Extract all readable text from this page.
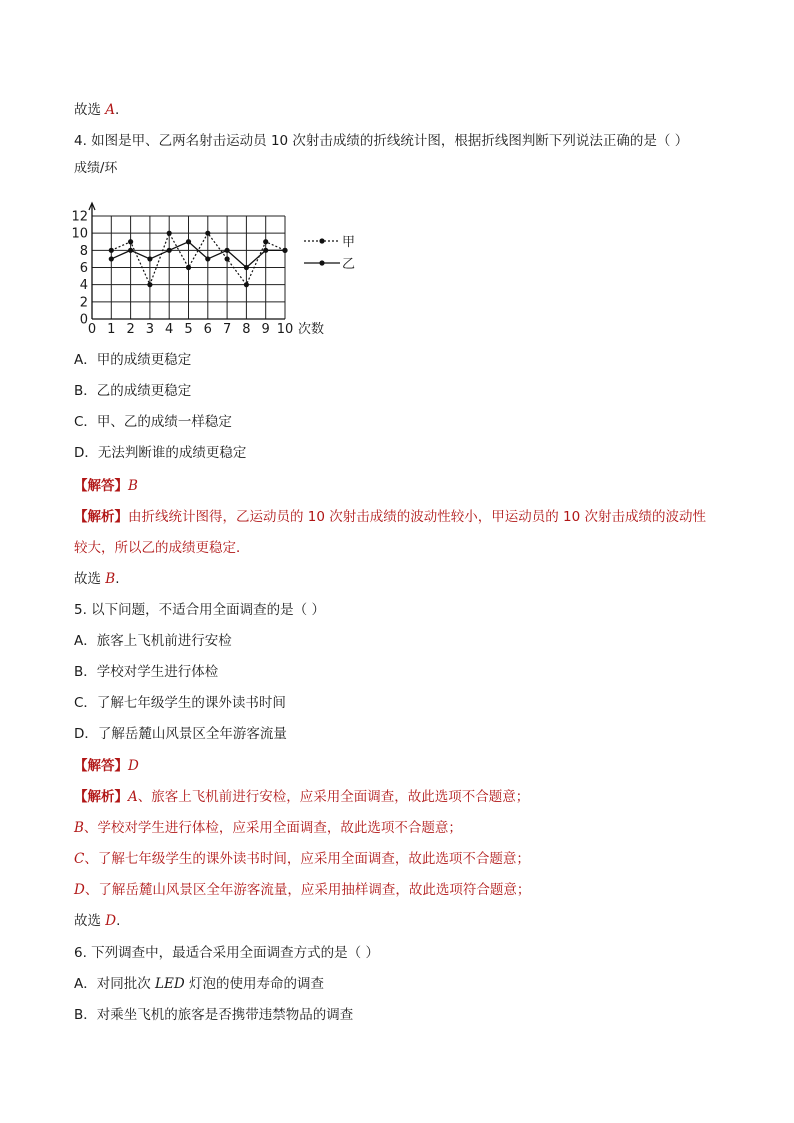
故选 A.
4. 如图是甲、乙两名射击运动员 10 次射击成绩的折线统计图，根据折线图判断下列说法正确的是（ ）
0 1 2 3 4 5 6 7 8 9 10
0
2
4
6
8
10
12
成绩/环
次数
甲
乙
A．甲的成绩更稳定
B．乙的成绩更稳定
C．甲、乙的成绩一样稳定
D．无法判断谁的成绩更稳定
【解答】B
【解析】由折线统计图得，乙运动员的 10 次射击成绩的波动性较小，甲运动员的 10 次射击成绩的波动性
较大，所以乙的成绩更稳定．
故选 B.
5. 以下问题，不适合用全面调查的是（ ）
A．旅客上飞机前进行安检
B．学校对学生进行体检
C．了解七年级学生的课外读书时间
D．了解岳麓山风景区全年游客流量
【解答】D
【解析】A、旅客上飞机前进行安检，应采用全面调查，故此选项不合题意；
B、学校对学生进行体检，应采用全面调查，故此选项不合题意；
C、了解七年级学生的课外读书时间，应采用全面调查，故此选项不合题意；
D、了解岳麓山风景区全年游客流量，应采用抽样调查，故此选项符合题意；
故选 D.
6. 下列调查中，最适合采用全面调查方式的是（ ）
A．对同批次 LED 灯泡的使用寿命的调查
B．对乘坐飞机的旅客是否携带违禁物品的调查
